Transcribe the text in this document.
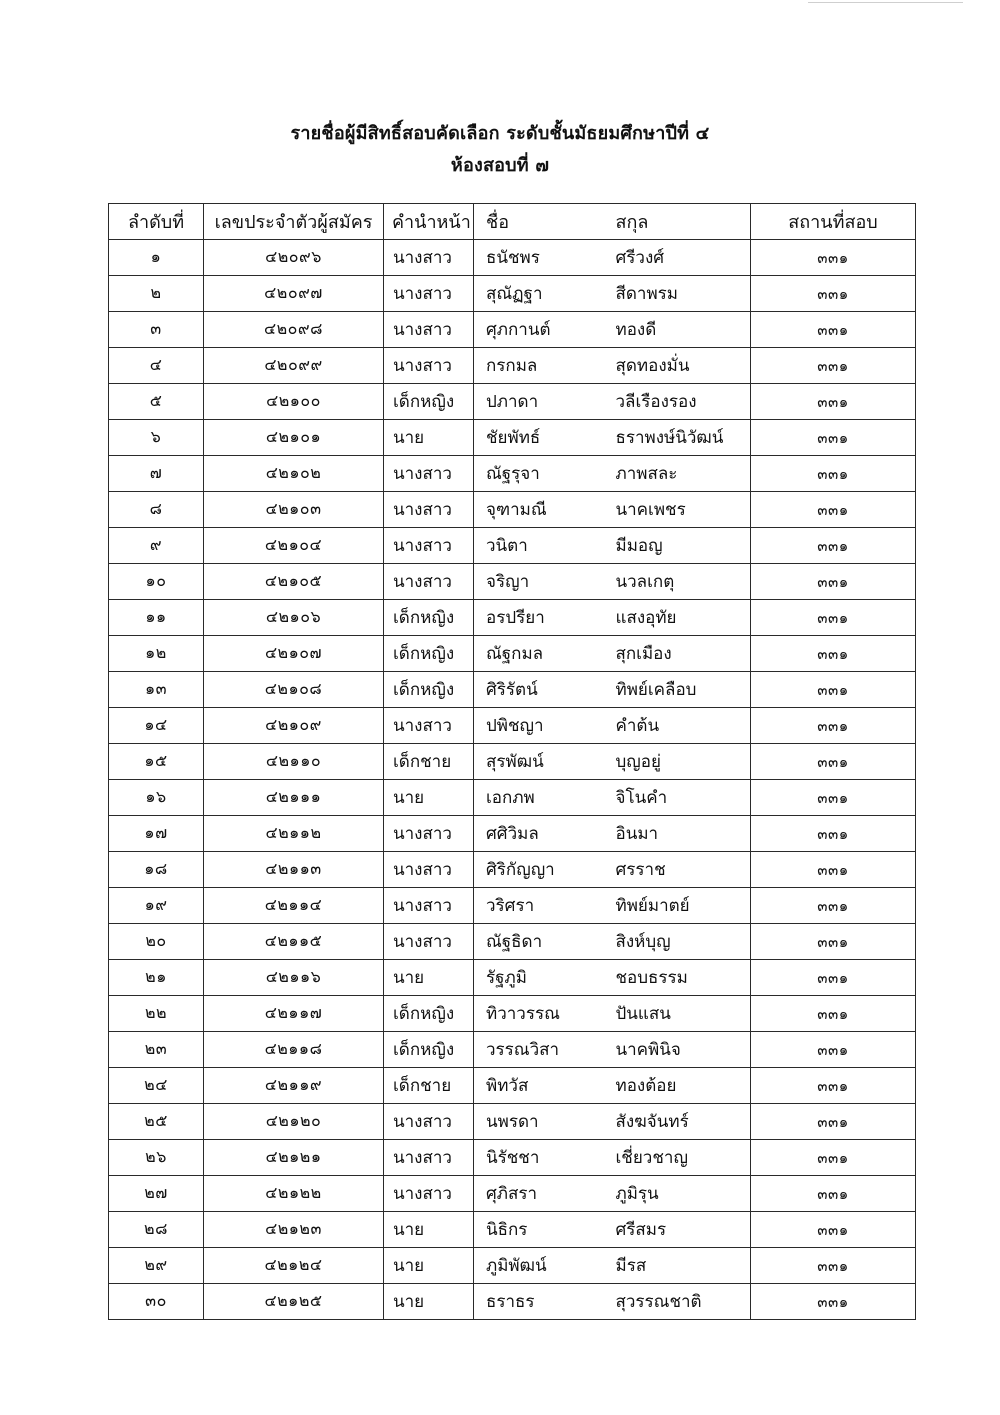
รายชื่อผู้มีสิทธิ์สอบคัดเลือก ระดับชั้นมัธยมศึกษาปีที่ ๔
ห้องสอบที่ ๗
ลำดับที่	เลขประจำตัวผู้สมัคร	คำนำหน้า	ชื่อ	สกุล	สถานที่สอบ
๑	๔๒๐๙๖	นางสาว	ธนัชพร	ศรีวงศ์	๓๓๑
๒	๔๒๐๙๗	นางสาว	สุณัฏฐา	สีดาพรม	๓๓๑
๓	๔๒๐๙๘	นางสาว	ศุภกานต์	ทองดี	๓๓๑
๔	๔๒๐๙๙	นางสาว	กรกมล	สุดทองมั่น	๓๓๑
๕	๔๒๑๐๐	เด็กหญิง	ปภาดา	วลีเรืองรอง	๓๓๑
๖	๔๒๑๐๑	นาย	ชัยพัทธ์	ธราพงษ์นิวัฒน์	๓๓๑
๗	๔๒๑๐๒	นางสาว	ณัฐรุจา	ภาพสละ	๓๓๑
๘	๔๒๑๐๓	นางสาว	จุฑามณี	นาคเพชร	๓๓๑
๙	๔๒๑๐๔	นางสาว	วนิตา	มีมอญ	๓๓๑
๑๐	๔๒๑๐๕	นางสาว	จริญา	นวลเกตุ	๓๓๑
๑๑	๔๒๑๐๖	เด็กหญิง	อรปรียา	แสงอุทัย	๓๓๑
๑๒	๔๒๑๐๗	เด็กหญิง	ณัฐกมล	สุกเมือง	๓๓๑
๑๓	๔๒๑๐๘	เด็กหญิง	ศิริรัตน์	ทิพย์เคลือบ	๓๓๑
๑๔	๔๒๑๐๙	นางสาว	ปพิชญา	คำต้น	๓๓๑
๑๕	๔๒๑๑๐	เด็กชาย	สุรพัฒน์	บุญอยู่	๓๓๑
๑๖	๔๒๑๑๑	นาย	เอกภพ	จิโนคำ	๓๓๑
๑๗	๔๒๑๑๒	นางสาว	ศศิวิมล	อินมา	๓๓๑
๑๘	๔๒๑๑๓	นางสาว	ศิริกัญญา	ศรราช	๓๓๑
๑๙	๔๒๑๑๔	นางสาว	วริศรา	ทิพย์มาตย์	๓๓๑
๒๐	๔๒๑๑๕	นางสาว	ณัฐธิดา	สิงห์บุญ	๓๓๑
๒๑	๔๒๑๑๖	นาย	รัฐภูมิ	ชอบธรรม	๓๓๑
๒๒	๔๒๑๑๗	เด็กหญิง	ทิวาวรรณ	ปันแสน	๓๓๑
๒๓	๔๒๑๑๘	เด็กหญิง	วรรณวิสา	นาคพินิจ	๓๓๑
๒๔	๔๒๑๑๙	เด็กชาย	พิทวัส	ทองต้อย	๓๓๑
๒๕	๔๒๑๒๐	นางสาว	นพรดา	สังฆจันทร์	๓๓๑
๒๖	๔๒๑๒๑	นางสาว	นิรัชชา	เชี่ยวชาญ	๓๓๑
๒๗	๔๒๑๒๒	นางสาว	ศุภิสรา	ภูมิรุน	๓๓๑
๒๘	๔๒๑๒๓	นาย	นิธิกร	ศรีสมร	๓๓๑
๒๙	๔๒๑๒๔	นาย	ภูมิพัฒน์	มีรส	๓๓๑
๓๐	๔๒๑๒๕	นาย	ธราธร	สุวรรณชาติ	๓๓๑
